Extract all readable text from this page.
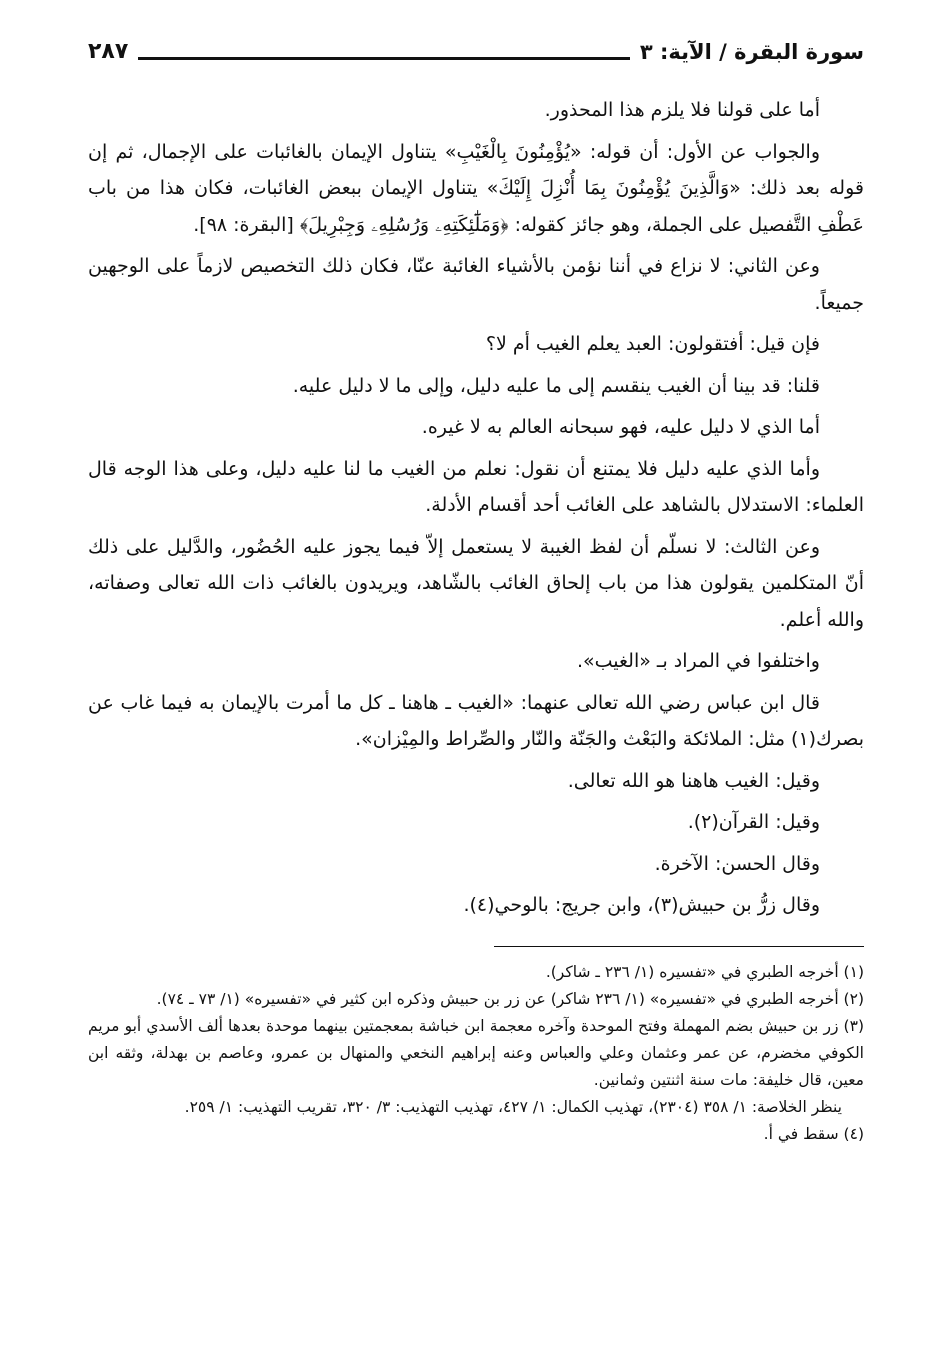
سورة البقرة / الآية: ٣
٢٨٧

أما على قولنا فلا يلزم هذا المحذور.

والجواب عن الأول: أن قوله: «يُؤْمِنُونَ بِالْغَيْبِ» يتناول الإيمان بالغائبات على الإجمال، ثم إن قوله بعد ذلك: «وَالَّذِينَ يُؤْمِنُونَ بِمَا أُنْزِلَ إِلَيْكَ» يتناول الإيمان ببعض الغائبات، فكان هذا من باب عَطْفِ التَّفصيل على الجملة، وهو جائز كقوله: ﴿وَمَلَٰٓئِكَتِهِۦ وَرُسُلِهِۦ وَجِبْرِيلَ﴾ [البقرة: ٩٨].

وعن الثاني: لا نزاع في أننا نؤمن بالأشياء الغائبة عنّا، فكان ذلك التخصيص لازماً على الوجهين جميعاً.

فإن قيل: أفتقولون: العبد يعلم الغيب أم لا؟

قلنا: قد بينا أن الغيب ينقسم إلى ما عليه دليل، وإلى ما لا دليل عليه.

أما الذي لا دليل عليه، فهو سبحانه العالم به لا غيره.

وأما الذي عليه دليل فلا يمتنع أن نقول: نعلم من الغيب ما لنا عليه دليل، وعلى هذا الوجه قال العلماء: الاستدلال بالشاهد على الغائب أحد أقسام الأدلة.

وعن الثالث: لا نسلّم أن لفظ الغيبة لا يستعمل إلاّ فيما يجوز عليه الحُضُور، والدَّليل على ذلك أنّ المتكلمين يقولون هذا من باب إلحاق الغائب بالشّاهد، ويريدون بالغائب ذات الله تعالى وصفاته، والله أعلم.

واختلفوا في المراد بـ «الغيب».

قال ابن عباس رضي الله تعالى عنهما: «الغيب ـ هاهنا ـ كل ما أمرت بالإيمان به فيما غاب عن بصرك(١) مثل: الملائكة والبَعْث والجَنّة والنّار والصِّراط والمِيْزان».

وقيل: الغيب هاهنا هو الله تعالى.

وقيل: القرآن(٢).

وقال الحسن: الآخرة.

وقال زرُّ بن حبيش(٣)، وابن جريج: بالوحي(٤).

(١) أخرجه الطبري في «تفسيره (١/ ٢٣٦ ـ شاكر).

(٢) أخرجه الطبري في «تفسيره» (١/ ٢٣٦ شاكر) عن زر بن حبيش وذكره ابن كثير في «تفسيره» (١/ ٧٣ ـ ٧٤).

(٣) زر بن حبيش بضم المهملة وفتح الموحدة وآخره معجمة ابن خباشة بمعجمتين بينهما موحدة بعدها ألف الأسدي أبو مريم الكوفي مخضرم، عن عمر وعثمان وعلي والعباس وعنه إبراهيم النخعي والمنهال بن عمرو، وعاصم بن بهدلة، وثقه ابن معين، قال خليفة: مات سنة اثنتين وثمانين.

ينظر الخلاصة: ١/ ٣٥٨ (٢٣٠٤)، تهذيب الكمال: ١/ ٤٢٧، تهذيب التهذيب: ٣/ ٣٢٠، تقريب التهذيب: ١/ ٢٥٩.

(٤) سقط في أ.
